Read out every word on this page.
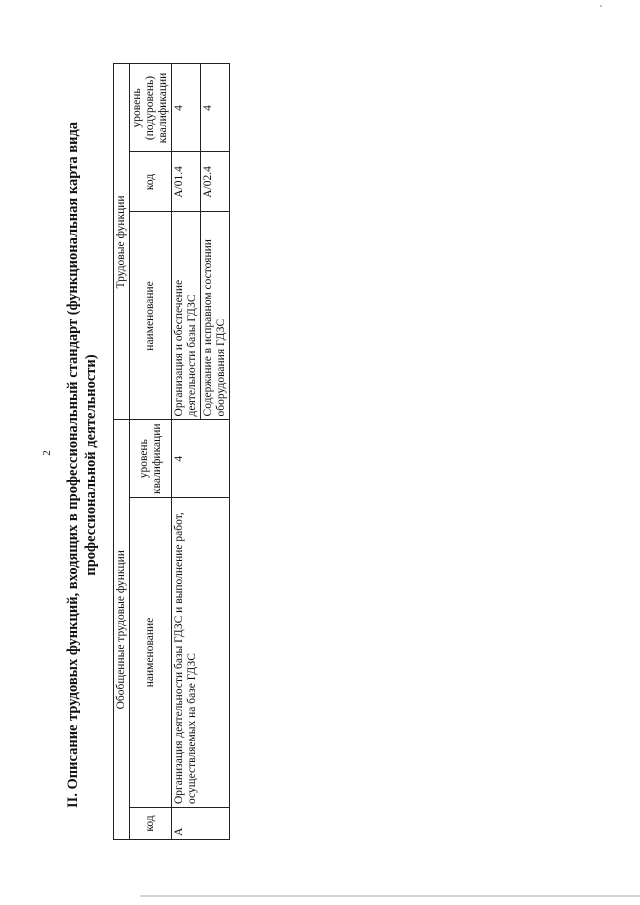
2 II. Описание трудовых функций, входящих в профессиональный стандарт (функциональная карта вида профессиональной деятельности)
Обобщенные трудовые функции			Трудовые функции		
код	наименование	уровень квалификации	наименование	код	уровень (подуровень) квалификации
А	Организация деятельности базы ГДЗС и выполнение работ, осуществляемых на базе ГДЗС	4	Организация и обеспечение деятельности базы ГДЗС	А/01.4	4
			Содержание в исправном состоянии оборудования ГДЗС	А/02.4	4
